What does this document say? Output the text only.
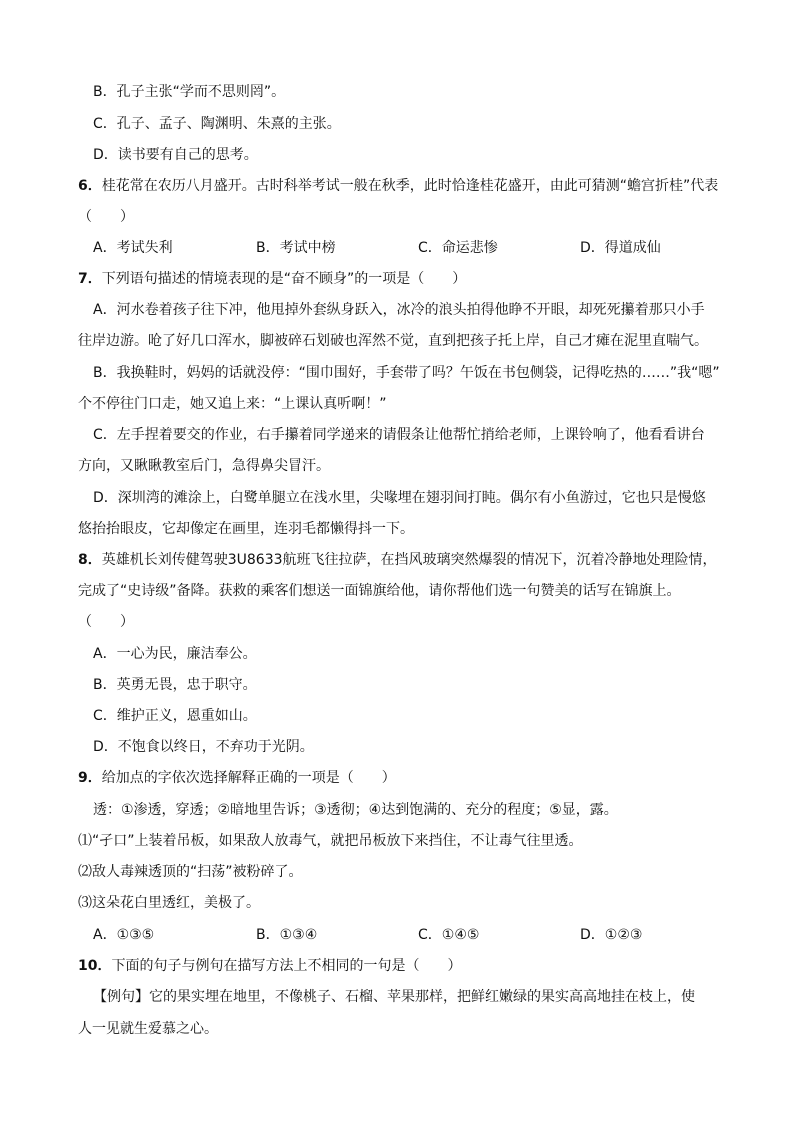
B．孔子主张“学而不思则罔”。
C．孔子、孟子、陶渊明、朱熹的主张。
D．读书要有自己的思考。
6．桂花常在农历八月盛开。古时科举考试一般在秋季，此时恰逢桂花盛开，由此可猜测“蟾宫折桂”代表
（　　）
A．考试失利	B．考试中榜	C．命运悲惨	D．得道成仙
7．下列语句描述的情境表现的是“奋不顾身”的一项是（　　）
A．河水卷着孩子往下冲，他甩掉外套纵身跃入，冰冷的浪头拍得他睁不开眼，却死死攥着那只小手
往岸边游。呛了好几口浑水，脚被碎石划破也浑然不觉，直到把孩子托上岸，自己才瘫在泥里直喘气。
B．我换鞋时，妈妈的话就没停：“围巾围好，手套带了吗？午饭在书包侧袋，记得吃热的……”我“嗯”
个不停往门口走，她又追上来：“上课认真听啊！”
C．左手捏着要交的作业，右手攥着同学递来的请假条让他帮忙捎给老师，上课铃响了，他看看讲台
方向，又瞅瞅教室后门，急得鼻尖冒汗。
D．深圳湾的滩涂上，白鹭单腿立在浅水里，尖喙埋在翅羽间打盹。偶尔有小鱼游过，它也只是慢悠
悠抬抬眼皮，它却像定在画里，连羽毛都懒得抖一下。
8．英雄机长刘传健驾驶3U8633航班飞往拉萨，在挡风玻璃突然爆裂的情况下，沉着冷静地处理险情，
完成了“史诗级”备降。获救的乘客们想送一面锦旗给他，请你帮他们选一句赞美的话写在锦旗上。
（　　）
A．一心为民，廉洁奉公。
B．英勇无畏，忠于职守。
C．维护正义，恩重如山。
D．不饱食以终日，不弃功于光阴。
9．给加点的字依次选择解释正确的一项是（　　）
透：①渗透，穿透；②暗地里告诉；③透彻；④达到饱满的、充分的程度；⑤显，露。
⑴“孑口”上装着吊板，如果敌人放毒气，就把吊板放下来挡住，不让毒气往里透。
⑵敌人毒辣透顶的“扫荡”被粉碎了。
⑶这朵花白里透红，美极了。
A．①③⑤	B．①③④	C．①④⑤	D．①②③
10．下面的句子与例句在描写方法上不相同的一句是（　　）
【例句】它的果实埋在地里，不像桃子、石榴、苹果那样，把鲜红嫩绿的果实高高地挂在枝上，使
人一见就生爱慕之心。
